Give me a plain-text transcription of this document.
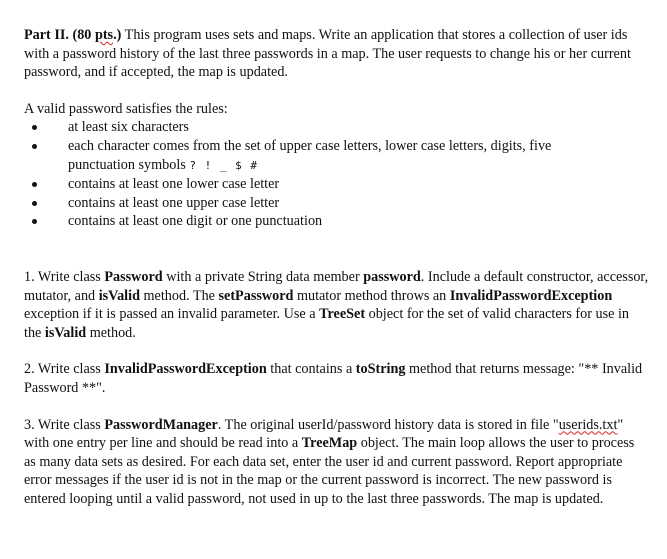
Part II. (80 pts.) This program uses sets and maps. Write an application that stores a collection of user ids with a password history of the last three passwords in a map. The user requests to change his or her current password, and if accepted, the map is updated.

A valid password satisfies the rules:

at least six characters
each character comes from the set of upper case letters, lower case letters, digits, five
punctuation symbols ? ! _ $ #
contains at least one lower case letter
contains at least one upper case letter
contains at least one digit or one punctuation

1. Write class Password with a private String data member password. Include a default constructor, accessor, mutator, and isValid method. The setPassword mutator method throws an InvalidPasswordException exception if it is passed an invalid parameter. Use a TreeSet object for the set of valid characters for use in the isValid method.

2. Write class InvalidPasswordException that contains a toString method that returns message: "** Invalid Password **".

3. Write class PasswordManager. The original userId/password history data is stored in file "userids.txt" with one entry per line and should be read into a TreeMap object. The main loop allows the user to process as many data sets as desired. For each data set, enter the user id and current password. Report appropriate error messages if the user id is not in the map or the current password is incorrect. The new password is entered looping until a valid password, not used in up to the last three passwords. The map is updated.
